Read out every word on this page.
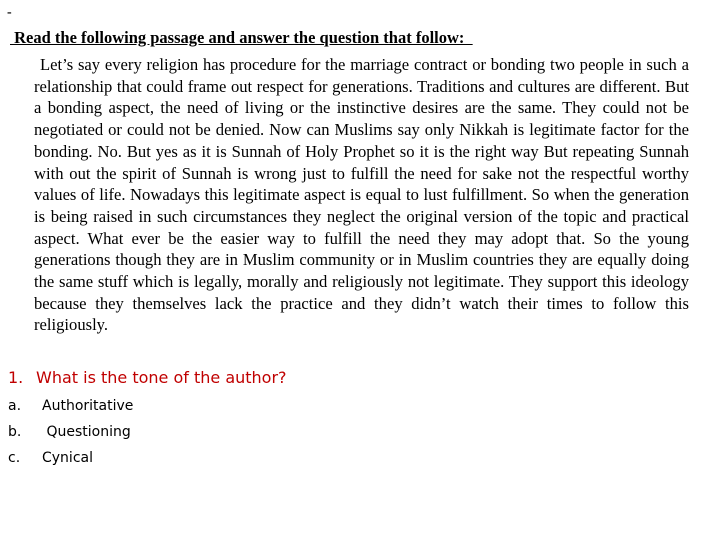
-
Read the following passage and answer the question that follow:

Let’s say every religion has procedure for the marriage contract or bonding two people in such a relationship that could frame out respect for generations. Traditions and cultures are different. But a bonding aspect, the need of living or the instinctive desires are the same. They could not be negotiated or could not be denied. Now can Muslims say only Nikkah is legitimate factor for the bonding. No. But yes as it is Sunnah of Holy Prophet so it is the right way But repeating Sunnah with out the spirit of Sunnah is wrong just to fulfill the need for sake not the respectful worthy values of life. Nowadays this legitimate aspect is equal to lust fulfillment. So when the generation is being raised in such circumstances they neglect the original version of the topic and practical aspect. What ever be the easier way to fulfill the need they may adopt that. So the young generations though they are in Muslim community or in Muslim countries they are equally doing the same stuff which is legally, morally and religiously not legitimate. They support this ideology because they themselves lack the practice and they didn’t watch their times to follow this religiously.

1. What is the tone of the author?
a. Authoritative
b. Questioning
c. Cynical
